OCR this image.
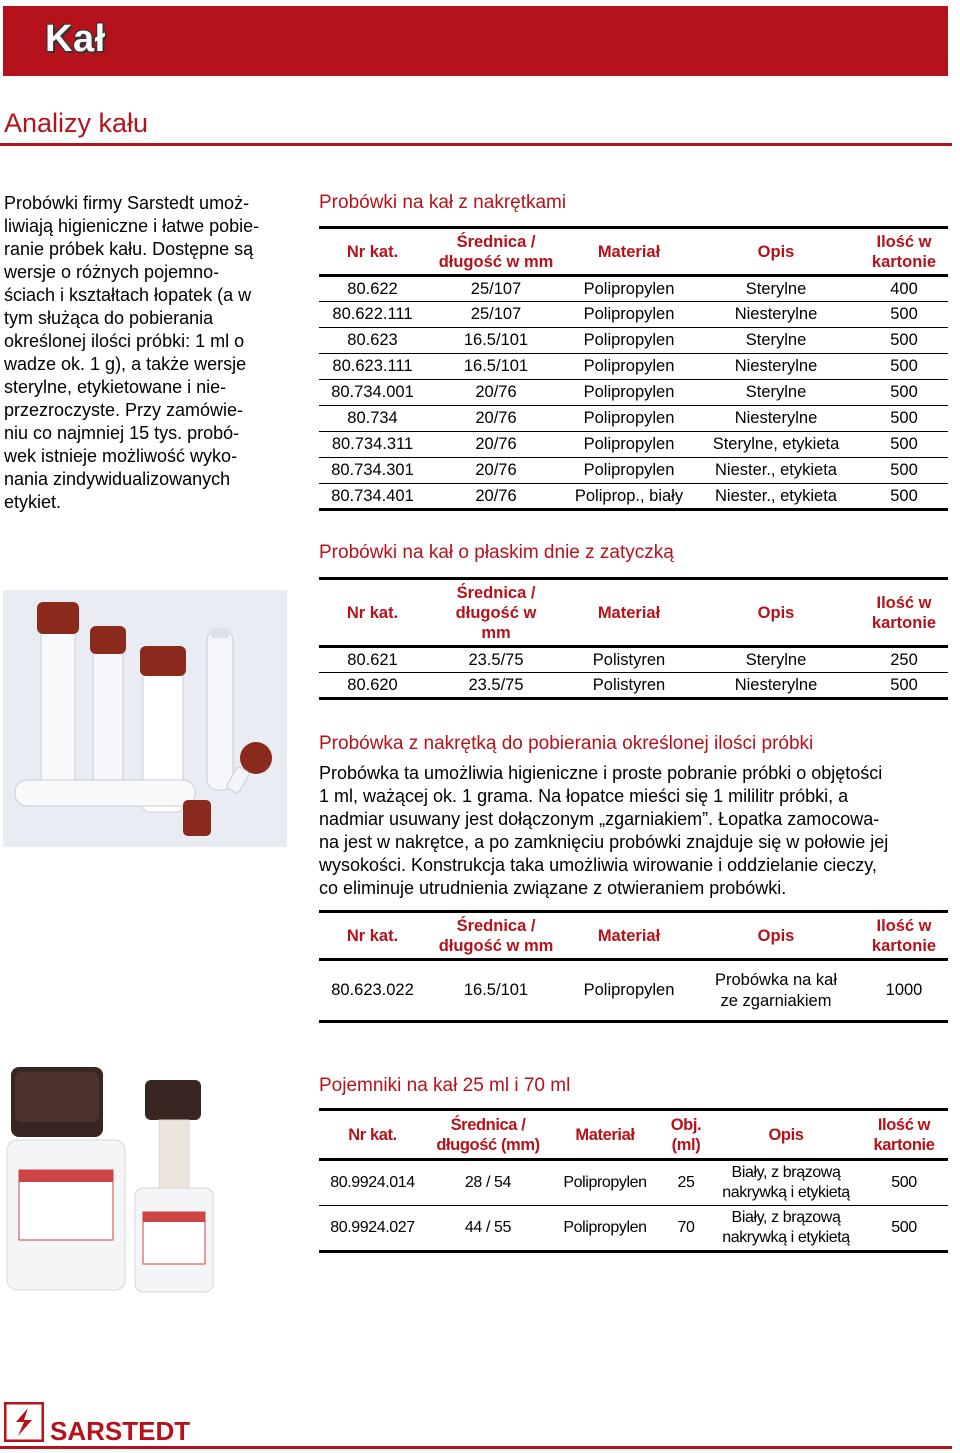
Kał
Analizy kału
Probówki firmy Sarstedt umoż-
liwiają higieniczne i łatwe pobie-
ranie próbek kału. Dostępne są
wersje o różnych pojemno-
ściach i kształtach łopatek (a w
tym służąca do pobierania
określonej ilości próbki: 1 ml o
wadze ok. 1 g), a także wersje
sterylne, etykietowane i nie-
przezroczyste. Przy zamówie-
niu co najmniej 15 tys. probó-
wek istnieje możliwość wyko-
nania zindywidualizowanych
etykiet.
Probówki na kał z nakrętkami
Nr kat.	Średnica / długość w mm	Materiał	Opis	Ilość w kartonie
80.622	25/107	Polipropylen	Sterylne	400
80.622.111	25/107	Polipropylen	Niesterylne	500
80.623	16.5/101	Polipropylen	Sterylne	500
80.623.111	16.5/101	Polipropylen	Niesterylne	500
80.734.001	20/76	Polipropylen	Sterylne	500
80.734	20/76	Polipropylen	Niesterylne	500
80.734.311	20/76	Polipropylen	Sterylne, etykieta	500
80.734.301	20/76	Polipropylen	Niester., etykieta	500
80.734.401	20/76	Poliprop., biały	Niester., etykieta	500
Probówki na kał o płaskim dnie z zatyczką
Nr kat.	Średnica / długość w mm	Materiał	Opis	Ilość w kartonie
80.621	23.5/75	Polistyren	Sterylne	250
80.620	23.5/75	Polistyren	Niesterylne	500
Probówka z nakrętką do pobierania określonej ilości próbki
Probówka ta umożliwia higieniczne i proste pobranie próbki o objętości
1 ml, ważącej ok. 1 grama. Na łopatce mieści się 1 mililitr próbki, a
nadmiar usuwany jest dołączonym „zgarniakiem”. Łopatka zamocowa-
na jest w nakrętce, a po zamknięciu probówki znajduje się w połowie jej
wysokości. Konstrukcja taka umożliwia wirowanie i oddzielanie cieczy,
co eliminuje utrudnienia związane z otwieraniem probówki.
Nr kat.	Średnica / długość w mm	Materiał	Opis	Ilość w kartonie
80.623.022	16.5/101	Polipropylen	Probówka na kał ze zgarniakiem	1000
Pojemniki na kał 25 ml i 70 ml
Nr kat.	Średnica / długość (mm)	Materiał	Obj. (ml)	Opis	Ilość w kartonie
80.9924.014	28 / 54	Polipropylen	25	Biały, z brązową nakrywką i etykietą	500
80.9924.027	44 / 55	Polipropylen	70	Biały, z brązową nakrywką i etykietą	500
SARSTEDT
